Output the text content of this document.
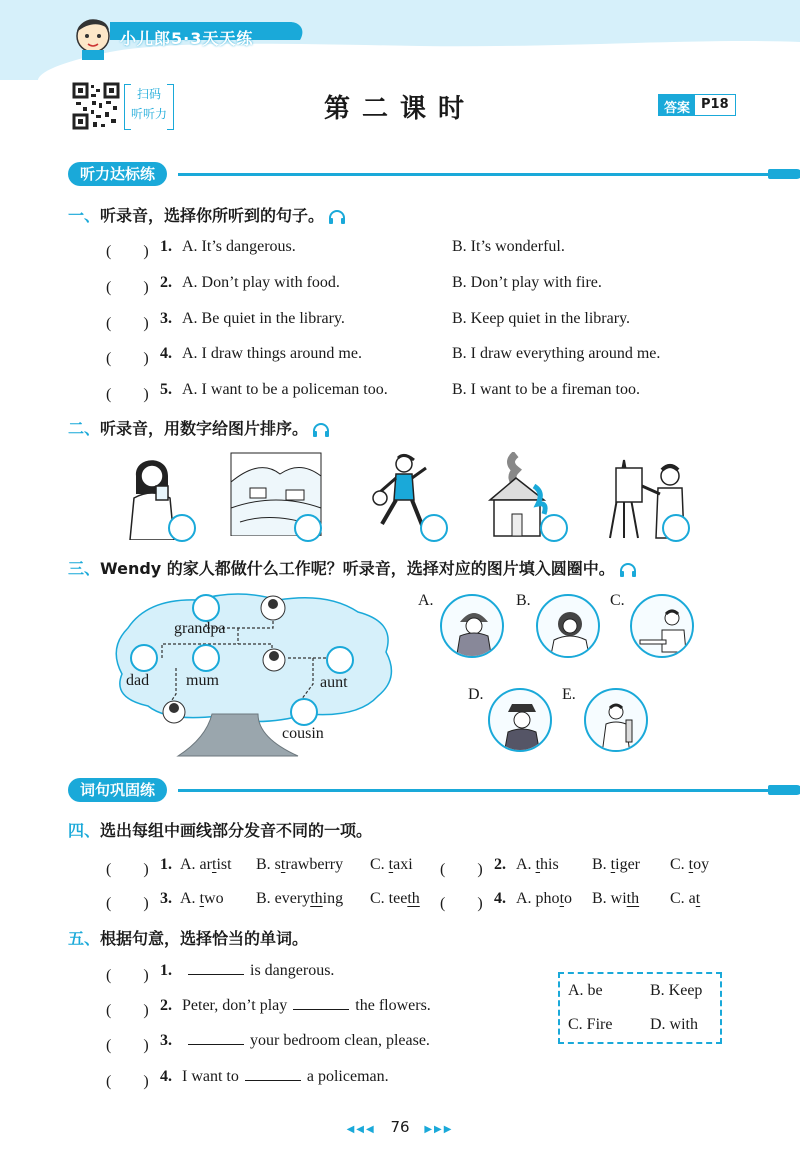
小儿郎5·3天天练
扫码
听听力	第二课时	答案 P18
听力达标练
一、听录音，选择你所听到的句子。
(　　) 1. A. It’s dangerous.	B. It’s wonderful.
(　　) 2. A. Don’t play with food.	B. Don’t play with fire.
(　　) 3. A. Be quiet in the library.	B. Keep quiet in the library.
(　　) 4. A. I draw things around me.	B. I draw everything around me.
(　　) 5. A. I want to be a policeman too.	B. I want to be a fireman too.
二、听录音，用数字给图片排序。
三、Wendy 的家人都做什么工作呢？听录音，选择对应的图片填入圆圈中。
grandpa
dad mum	aunt
cousin
A.	B.	C.
D.	E.
词句巩固练
四、选出每组中画线部分发音不同的一项。
(　　) 1. A. artist B. strawberry C. taxi (　　) 2. A. this B. tiger C. toy
(　　) 3. A. two B. everything C. teeth (　　) 4. A. photo B. with C. at
五、根据句意，选择恰当的单词。
(　　) 1.	is dangerous.
(　　) 2. Peter, don’t play	the flowers.
(　　) 3.	your bedroom clean, please.
(　　) 4. I want to	a policeman.
A. be	B. Keep
C. Fire D. with
◀◀◀ 76 ▶▶▶
